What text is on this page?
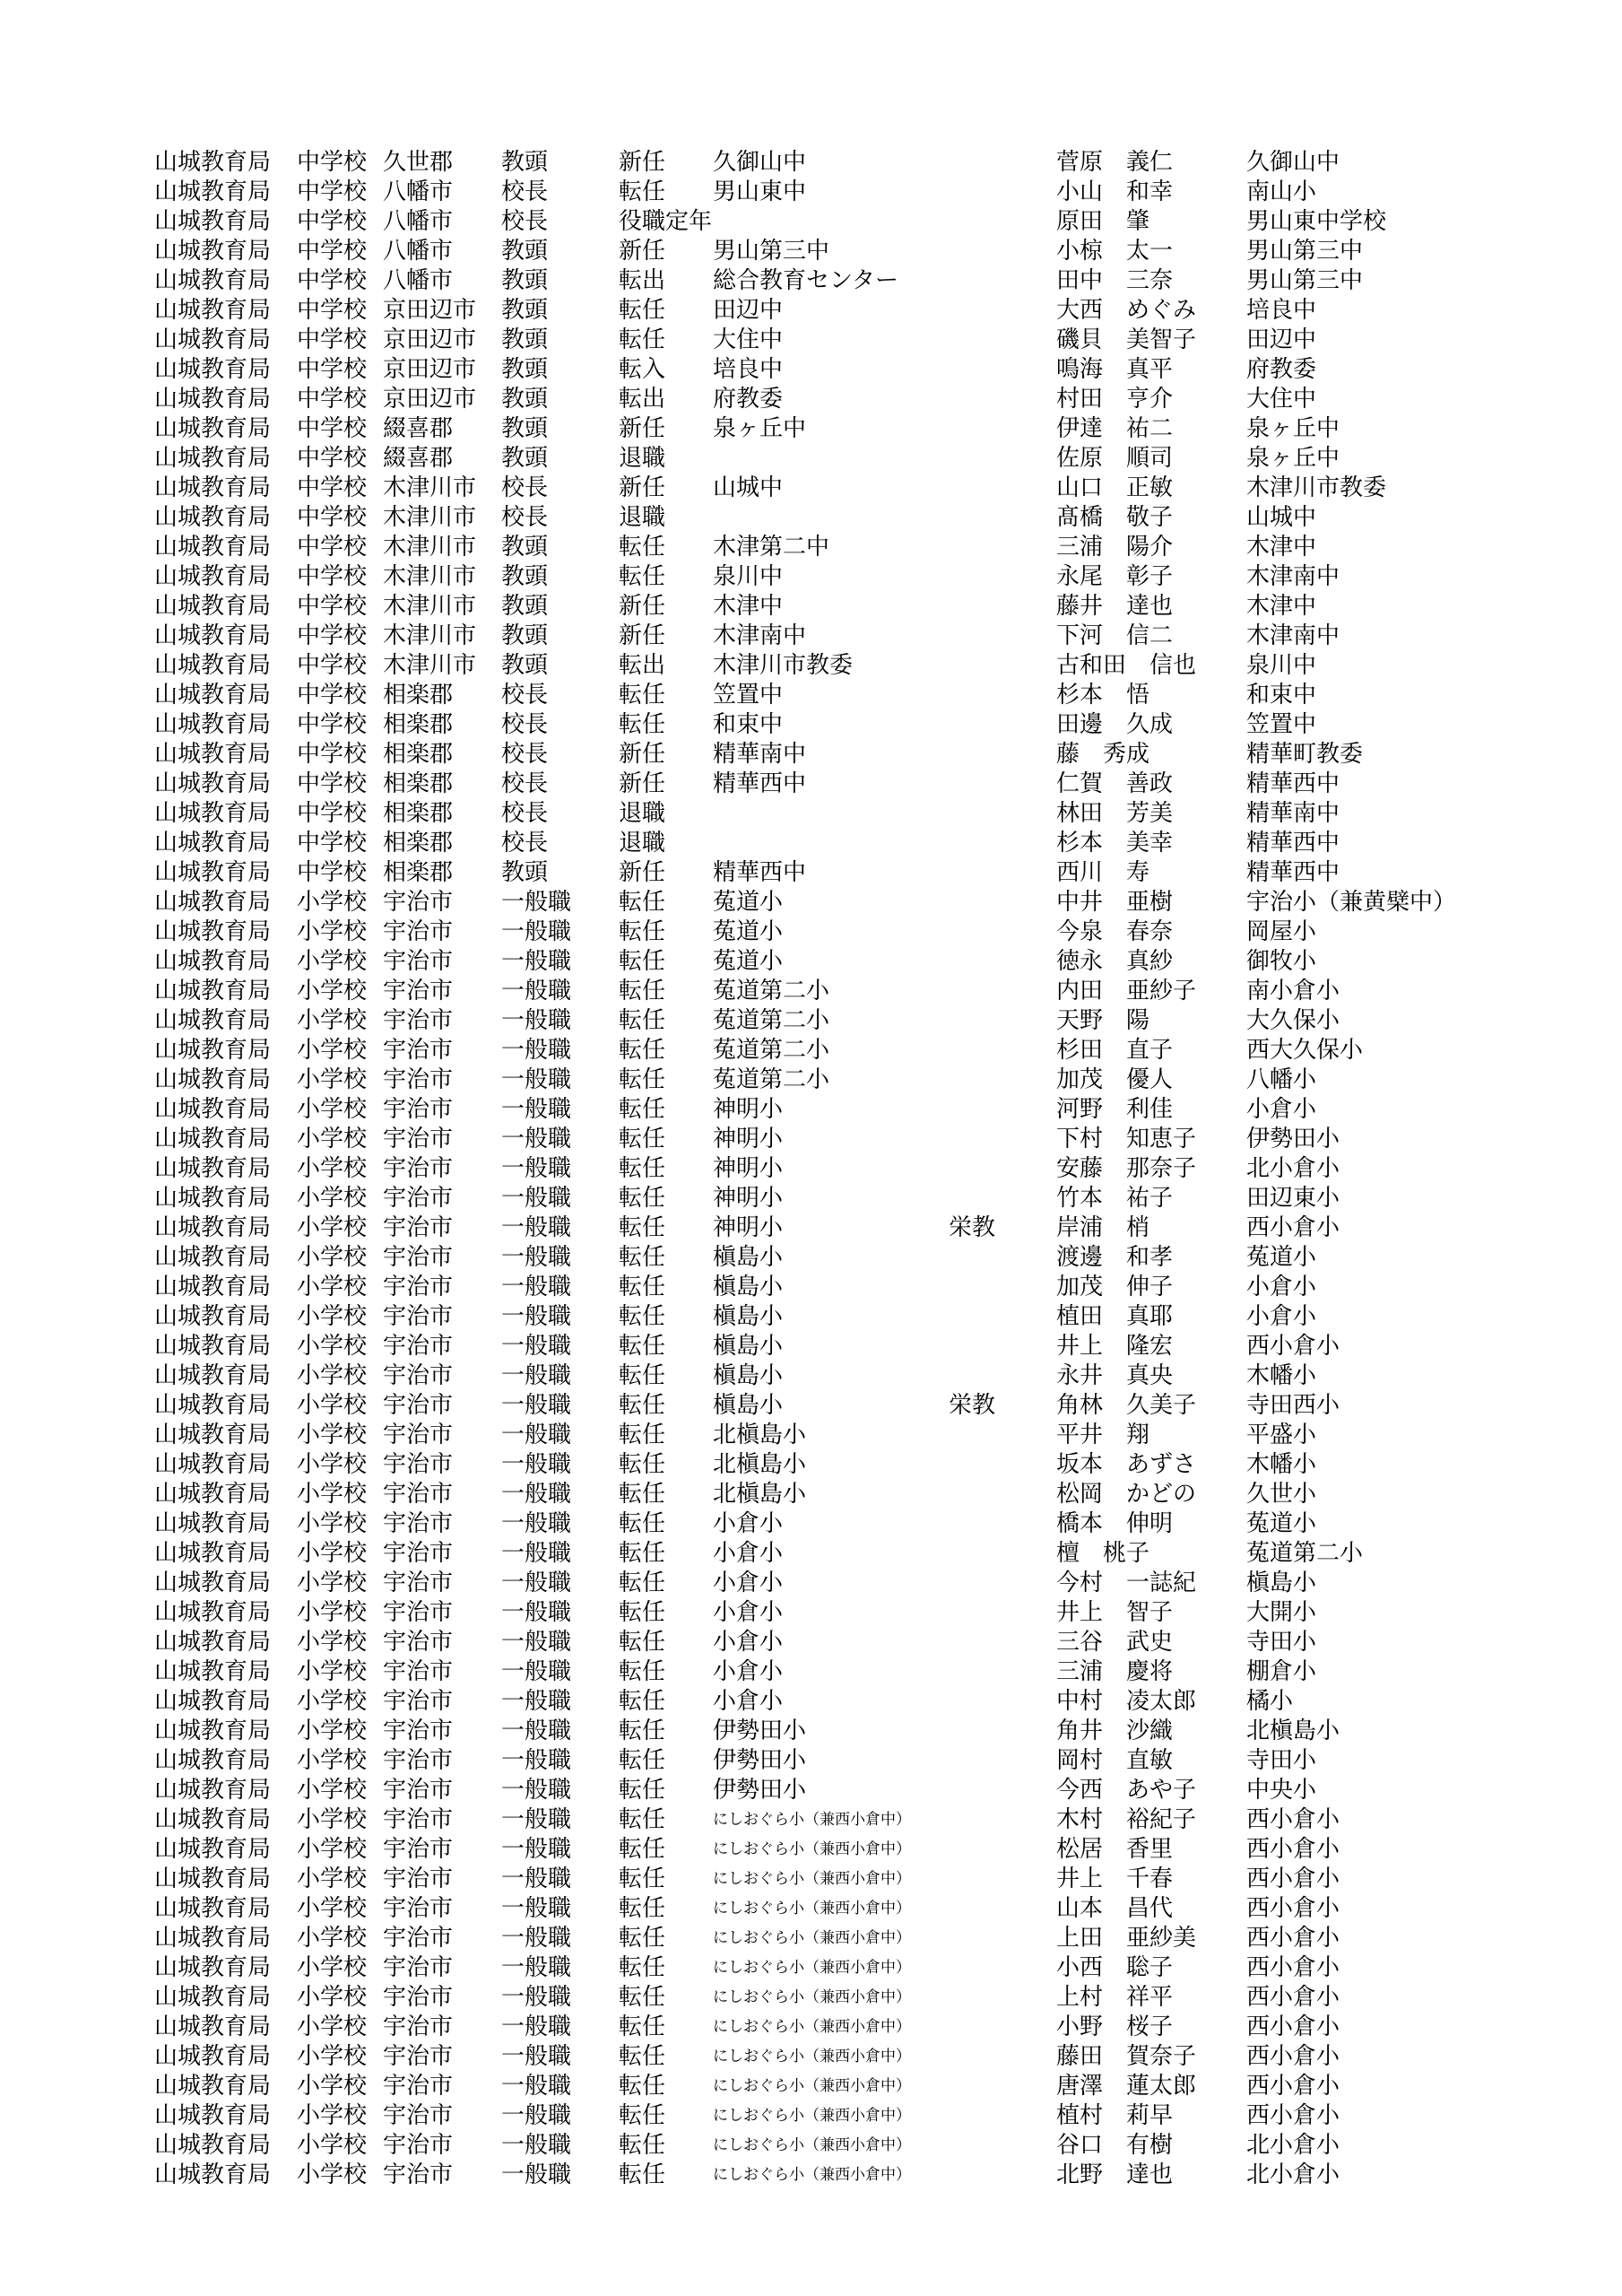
山城教育局 中学校 久世郡 教頭	新任 久御山中	菅原　義仁	久御山中
山城教育局 中学校 八幡市 校長	転任 男山東中	小山　和幸	南山小
山城教育局 中学校 八幡市 校長	役職定年	原田　肇	男山東中学校
山城教育局 中学校 八幡市 教頭	新任 男山第三中	小椋　太一	男山第三中
山城教育局 中学校 八幡市 教頭	転出 総合教育センター	田中　三奈	男山第三中
山城教育局 中学校 京田辺市 教頭	転任 田辺中	大西　めぐみ 培良中
山城教育局 中学校 京田辺市 教頭	転任 大住中	磯貝　美智子 田辺中
山城教育局 中学校 京田辺市 教頭	転入 培良中	鳴海　真平	府教委
山城教育局 中学校 京田辺市 教頭	転出 府教委	村田　亨介	大住中
山城教育局 中学校 綴喜郡 教頭	新任 泉ヶ丘中	伊達　祐二	泉ヶ丘中
山城教育局 中学校 綴喜郡 教頭	退職	佐原　順司	泉ヶ丘中
山城教育局 中学校 木津川市 校長	新任 山城中	山口　正敏	木津川市教委
山城教育局 中学校 木津川市 校長	退職	髙橋　敬子	山城中
山城教育局 中学校 木津川市 教頭	転任 木津第二中	三浦　陽介	木津中
山城教育局 中学校 木津川市 教頭	転任 泉川中	永尾　彰子	木津南中
山城教育局 中学校 木津川市 教頭	新任 木津中	藤井　達也	木津中
山城教育局 中学校 木津川市 教頭	新任 木津南中	下河　信二	木津南中
山城教育局 中学校 木津川市 教頭	転出 木津川市教委	古和田　信也 泉川中
山城教育局 中学校 相楽郡 校長	転任 笠置中	杉本　悟	和束中
山城教育局 中学校 相楽郡 校長	転任 和束中	田邊　久成	笠置中
山城教育局 中学校 相楽郡 校長	新任 精華南中	藤　秀成	精華町教委
山城教育局 中学校 相楽郡 校長	新任 精華西中	仁賀　善政	精華西中
山城教育局 中学校 相楽郡 校長	退職	林田　芳美	精華南中
山城教育局 中学校 相楽郡 校長	退職	杉本　美幸	精華西中
山城教育局 中学校 相楽郡 教頭	新任 精華西中	西川　寿	精華西中
山城教育局 小学校 宇治市 一般職 転任 菟道小	中井　亜樹	宇治小（兼黄檗中）
山城教育局 小学校 宇治市 一般職 転任 菟道小	今泉　春奈	岡屋小
山城教育局 小学校 宇治市 一般職 転任 菟道小	徳永　真紗	御牧小
山城教育局 小学校 宇治市 一般職 転任 菟道第二小	内田　亜紗子 南小倉小
山城教育局 小学校 宇治市 一般職 転任 菟道第二小	天野　陽	大久保小
山城教育局 小学校 宇治市 一般職 転任 菟道第二小	杉田　直子	西大久保小
山城教育局 小学校 宇治市 一般職 転任 菟道第二小	加茂　優人	八幡小
山城教育局 小学校 宇治市 一般職 転任 神明小	河野　利佳	小倉小
山城教育局 小学校 宇治市 一般職 転任 神明小	下村　知恵子 伊勢田小
山城教育局 小学校 宇治市 一般職 転任 神明小	安藤　那奈子 北小倉小
山城教育局 小学校 宇治市 一般職 転任 神明小	竹本　祐子	田辺東小
山城教育局 小学校 宇治市 一般職 転任 神明小	栄教	岸浦　梢	西小倉小
山城教育局 小学校 宇治市 一般職 転任 槇島小	渡邊　和孝	菟道小
山城教育局 小学校 宇治市 一般職 転任 槇島小	加茂　伸子	小倉小
山城教育局 小学校 宇治市 一般職 転任 槇島小	植田　真耶	小倉小
山城教育局 小学校 宇治市 一般職 転任 槇島小	井上　隆宏	西小倉小
山城教育局 小学校 宇治市 一般職 転任 槇島小	永井　真央	木幡小
山城教育局 小学校 宇治市 一般職 転任 槇島小	栄教	角林　久美子 寺田西小
山城教育局 小学校 宇治市 一般職 転任 北槇島小	平井　翔	平盛小
山城教育局 小学校 宇治市 一般職 転任 北槇島小	坂本　あずさ 木幡小
山城教育局 小学校 宇治市 一般職 転任 北槇島小	松岡　かどの 久世小
山城教育局 小学校 宇治市 一般職 転任 小倉小	橋本　伸明	菟道小
山城教育局 小学校 宇治市 一般職 転任 小倉小	檀　桃子	菟道第二小
山城教育局 小学校 宇治市 一般職 転任 小倉小	今村　一誌紀 槇島小
山城教育局 小学校 宇治市 一般職 転任 小倉小	井上　智子	大開小
山城教育局 小学校 宇治市 一般職 転任 小倉小	三谷　武史	寺田小
山城教育局 小学校 宇治市 一般職 転任 小倉小	三浦　慶将	棚倉小
山城教育局 小学校 宇治市 一般職 転任 小倉小	中村　凌太郎 橘小
山城教育局 小学校 宇治市 一般職 転任 伊勢田小	角井　沙織	北槇島小
山城教育局 小学校 宇治市 一般職 転任 伊勢田小	岡村　直敏	寺田小
山城教育局 小学校 宇治市 一般職 転任 伊勢田小	今西　あや子 中央小
山城教育局 小学校 宇治市 一般職 転任	にしおぐら小（兼西小倉中）	木村　裕紀子 西小倉小
山城教育局 小学校 宇治市 一般職 転任	にしおぐら小（兼西小倉中）	松居　香里	西小倉小
山城教育局 小学校 宇治市 一般職 転任	にしおぐら小（兼西小倉中）	井上　千春	西小倉小
山城教育局 小学校 宇治市 一般職 転任	にしおぐら小（兼西小倉中）	山本　昌代	西小倉小
山城教育局 小学校 宇治市 一般職 転任	にしおぐら小（兼西小倉中）	上田　亜紗美 西小倉小
山城教育局 小学校 宇治市 一般職 転任	にしおぐら小（兼西小倉中）	小西　聡子	西小倉小
山城教育局 小学校 宇治市 一般職 転任	にしおぐら小（兼西小倉中）	上村　祥平	西小倉小
山城教育局 小学校 宇治市 一般職 転任	にしおぐら小（兼西小倉中）	小野　桜子	西小倉小
山城教育局 小学校 宇治市 一般職 転任	にしおぐら小（兼西小倉中）	藤田　賀奈子 西小倉小
山城教育局 小学校 宇治市 一般職 転任	にしおぐら小（兼西小倉中）	唐澤　蓮太郎 西小倉小
山城教育局 小学校 宇治市 一般職 転任	にしおぐら小（兼西小倉中）	植村　莉早	西小倉小
山城教育局 小学校 宇治市 一般職 転任	にしおぐら小（兼西小倉中）	谷口　有樹	北小倉小
山城教育局 小学校 宇治市 一般職 転任	にしおぐら小（兼西小倉中）	北野　達也	北小倉小
